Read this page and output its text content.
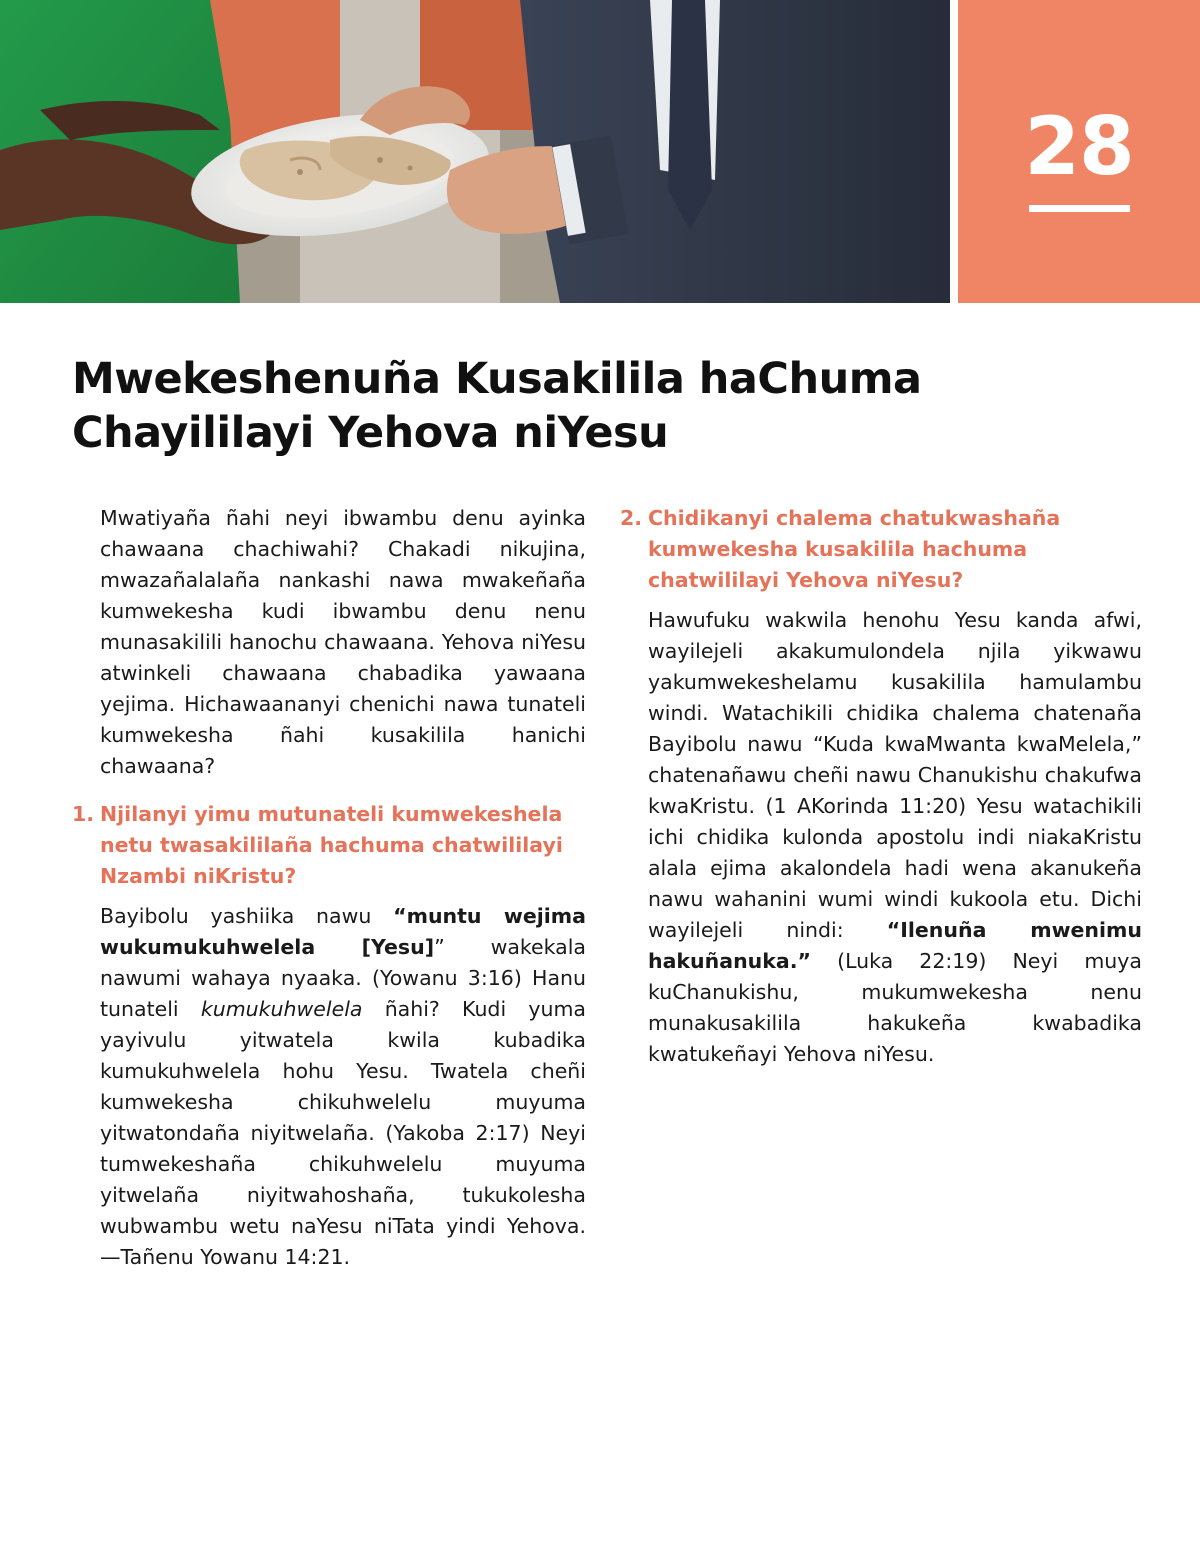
28
Mwekeshenuña Kusakilila haChuma
Chayililayi Yehova niYesu

Mwatiyaña ñahi neyi ibwambu denu ayinka chawaana chachiwahi? Chakadi nikujina, mwazañalalaña nankashi nawa mwakeñaña kumwekesha kudi ibwambu denu nenu munasakilili hanochu chawaana. Yehova niYesu atwinkeli chawaana chabadika yawaana yejima. Hichawaananyi chenichi nawa tunateli kumwekesha ñahi kusakilila hanichi chawaana?

1. Njilanyi yimu mutunateli kumwekeshela netu twasakililaña hachuma chatwililayi Nzambi niKristu?

Bayibolu yashiika nawu “muntu wejima wukumukuhwelela [Yesu]” wakekala nawumi wahaya nyaaka. (Yowanu 3:16) Hanu tunateli kumukuhwelela ñahi? Kudi yuma yayivulu yitwatela kwila kubadika kumukuhwelela hohu Yesu. Twatela cheñi kumwekesha chikuhwelelu muyuma yitwatondaña niyitwelaña. (Yakoba 2:17) Neyi tumwekeshaña chikuhwelelu muyuma yitwelaña niyitwahoshaña, tukukolesha wubwambu wetu naYesu niTata yindi Yehova. —Tañenu Yowanu 14:21.

2. Chidikanyi chalema chatukwashaña kumwekesha kusakilila hachuma chatwililayi Yehova niYesu?

Hawufuku wakwila henohu Yesu kanda afwi, wayilejeli akakumulondela njila yikwawu yakumwekeshelamu kusakilila hamulambu windi. Watachikili chidika chalema chatenaña Bayibolu nawu “Kuda kwaMwanta kwaMelela,” chatenañawu cheñi nawu Chanukishu chakufwa kwaKristu. (1 AKorinda 11:20) Yesu watachikili ichi chidika kulonda apostolu indi niakaKristu alala ejima akalondela hadi wena akanukeña nawu wahanini wumi windi kukoola etu. Dichi wayilejeli nindi: “Ilenuña mwenimu hakuñanuka.” (Luka 22:19) Neyi muya kuChanukishu, mukumwekesha nenu munakusakilila hakukeña kwabadika kwatukeñayi Yehova niYesu.
